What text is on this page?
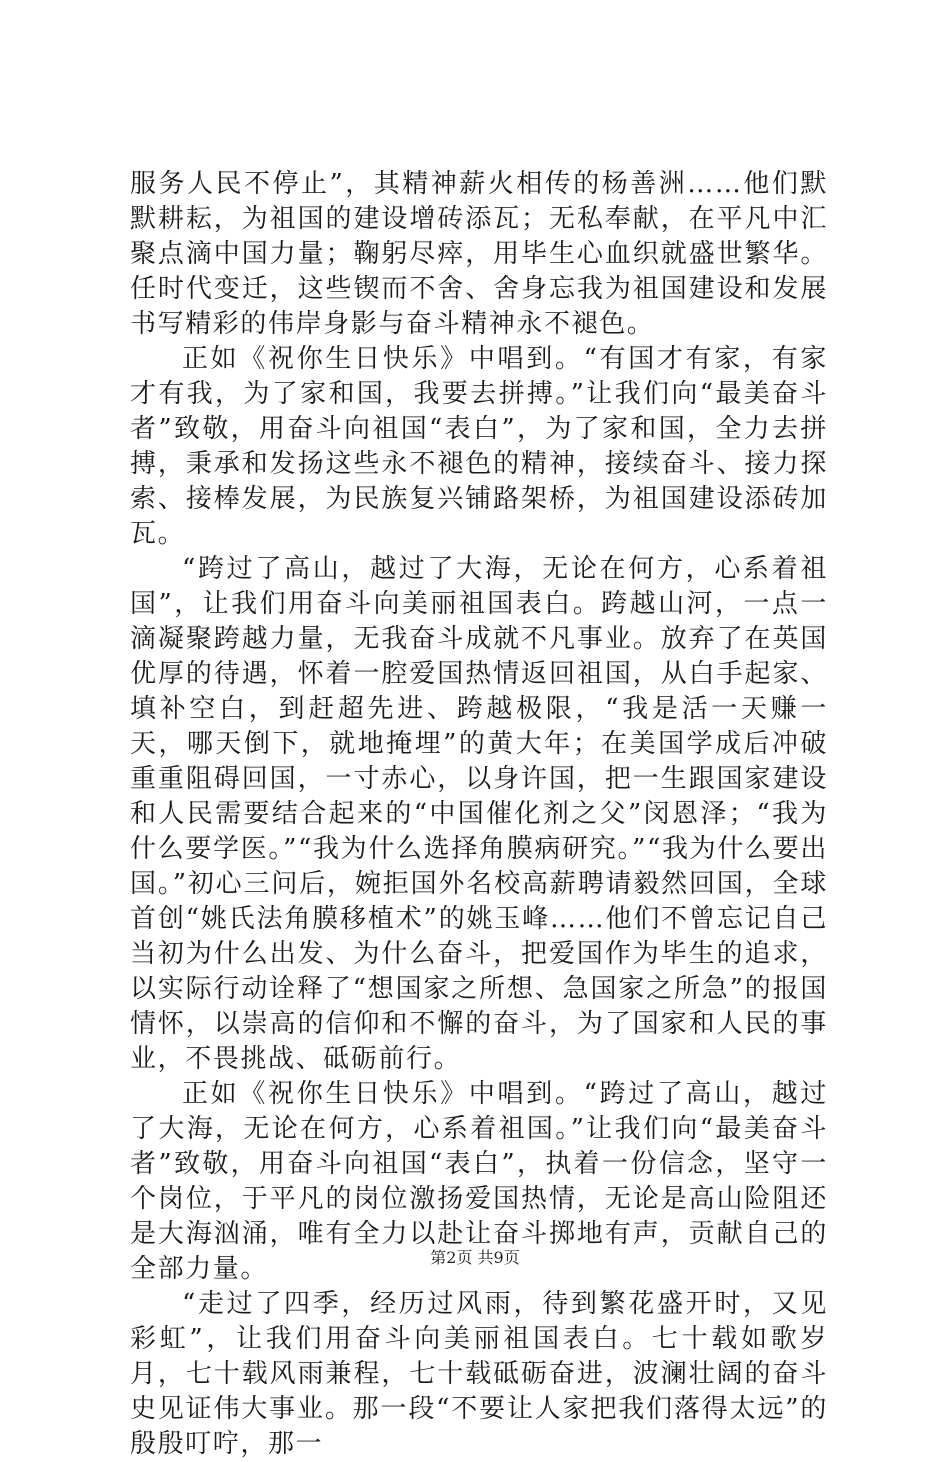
服务人民不停止”，其精神薪火相传的杨善洲……他们默默耕耘，为祖国的建设增砖添瓦；无私奉献，在平凡中汇聚点滴中国力量；鞠躬尽瘁，用毕生心血织就盛世繁华。任时代变迁，这些锲而不舍、舍身忘我为祖国建设和发展书写精彩的伟岸身影与奋斗精神永不褪色。

正如《祝你生日快乐》中唱到。“有国才有家，有家才有我，为了家和国，我要去拼搏。”让我们向“最美奋斗者”致敬，用奋斗向祖国“表白”，为了家和国，全力去拼搏，秉承和发扬这些永不褪色的精神，接续奋斗、接力探索、接棒发展，为民族复兴铺路架桥，为祖国建设添砖加瓦。

“跨过了高山，越过了大海，无论在何方，心系着祖国”，让我们用奋斗向美丽祖国表白。跨越山河，一点一滴凝聚跨越力量，无我奋斗成就不凡事业。放弃了在英国优厚的待遇，怀着一腔爱国热情返回祖国，从白手起家、填补空白，到赶超先进、跨越极限，“我是活一天赚一天，哪天倒下，就地掩埋”的黄大年；在美国学成后冲破重重阻碍回国，一寸赤心，以身许国，把一生跟国家建设和人民需要结合起来的“中国催化剂之父”闵恩泽；“我为什么要学医。”“我为什么选择角膜病研究。”“我为什么要出国。”初心三问后，婉拒国外名校高薪聘请毅然回国，全球首创“姚氏法角膜移植术”的姚玉峰……他们不曾忘记自己当初为什么出发、为什么奋斗，把爱国作为毕生的追求，以实际行动诠释了“想国家之所想、急国家之所急”的报国情怀，以崇高的信仰和不懈的奋斗，为了国家和人民的事业，不畏挑战、砥砺前行。

正如《祝你生日快乐》中唱到。“跨过了高山，越过了大海，无论在何方，心系着祖国。”让我们向“最美奋斗者”致敬，用奋斗向祖国“表白”，执着一份信念，坚守一个岗位，于平凡的岗位激扬爱国热情，无论是高山险阻还是大海汹涌，唯有全力以赴让奋斗掷地有声，贡献自己的全部力量。

“走过了四季，经历过风雨，待到繁花盛开时，又见彩虹”，让我们用奋斗向美丽祖国表白。七十载如歌岁月，七十载风雨兼程，七十载砥砺奋进，波澜壮阔的奋斗史见证伟大事业。那一段“不要让人家把我们落得太远”的殷殷叮咛，那一

第2页 共9页
